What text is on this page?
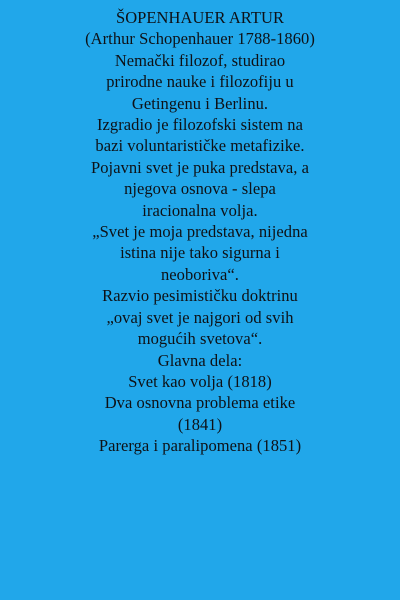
ŠOPENHAUER ARTUR
(Arthur Schopenhauer 1788-1860)
Nemački filozof, studirao
prirodne nauke i filozofiju u
Getingenu i Berlinu.
Izgradio je filozofski sistem na
bazi voluntarističke metafizike.
Pojavni svet je puka predstava, a
njegova osnova - slepa
iracionalna volja.
„Svet je moja predstava, nijedna
istina nije tako sigurna i
neoboriva“.
Razvio pesimističku doktrinu
„ovaj svet je najgori od svih
mogućih svetova“.
Glavna dela:
Svet kao volja (1818)
Dva osnovna problema etike
(1841)
Parerga i paralipomena (1851)
